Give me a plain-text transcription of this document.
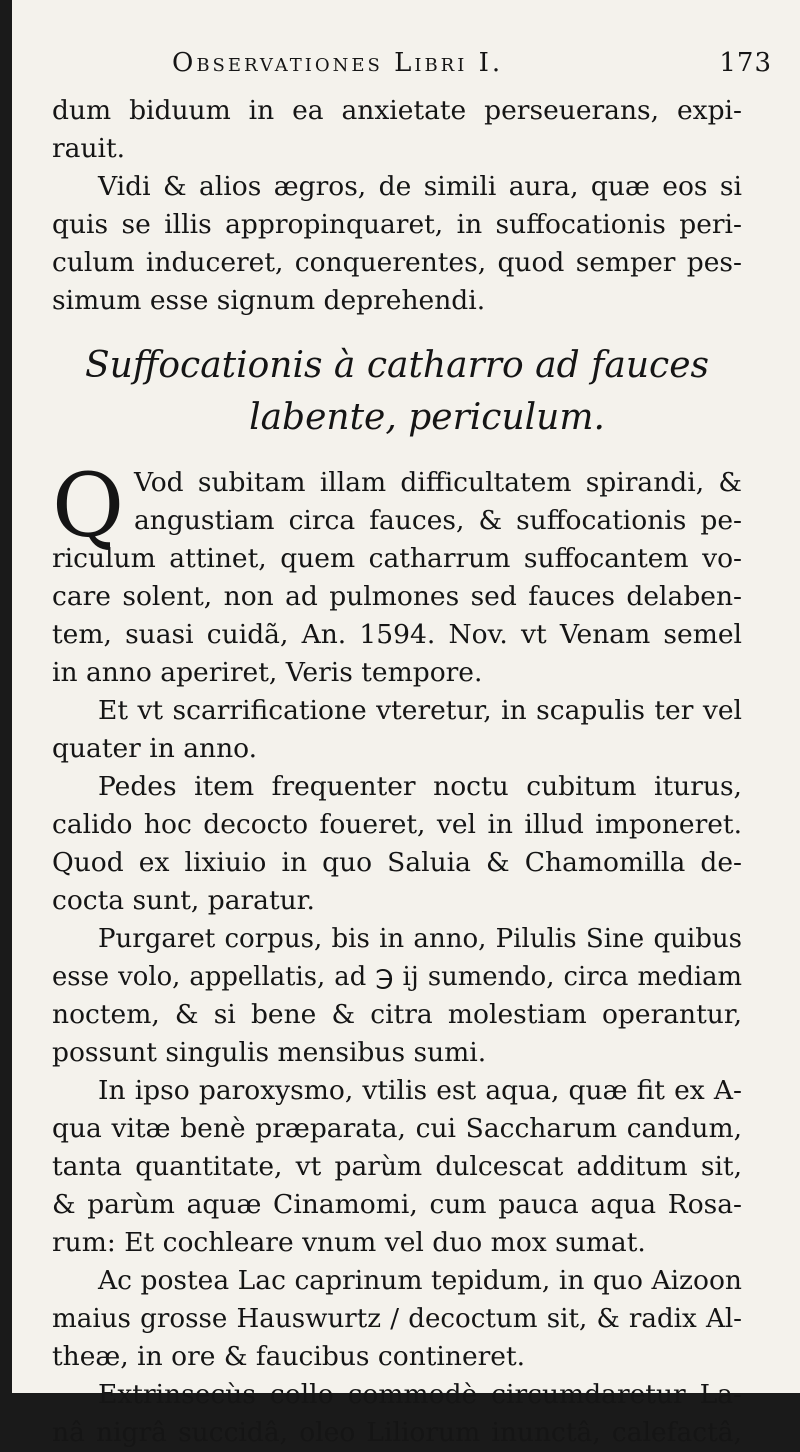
Observationes Libri I.	173
dum biduum in ea anxietate perseuerans, expi-
rauit.
Vidi & alios ægros, de simili aura, quæ eos si
quis se illis appropinquaret, in suffocationis peri-
culum induceret, conquerentes, quod semper pes-
simum esse signum deprehendi.
Suffocationis à catharro ad fauces
labente, periculum.
Q Vod subitam illam difficultatem spirandi, &
angustiam circa fauces, & suffocationis pe-
riculum attinet, quem catharrum suffocantem vo-
care solent, non ad pulmones sed fauces delaben-
tem, suasi cuidã, An. 1594. Nov. vt Venam semel
in anno aperiret, Veris tempore.
Et vt scarrificatione vteretur, in scapulis ter vel
quater in anno.
Pedes item frequenter noctu cubitum iturus,
calido hoc decocto foueret, vel in illud imponeret.
Quod ex lixiuio in quo Saluia & Chamomilla de-
cocta sunt, paratur.
Purgaret corpus, bis in anno, Pilulis Sine quibus
esse volo, appellatis, ad ℈ ij sumendo, circa mediam
noctem, & si bene & citra molestiam operantur,
possunt singulis mensibus sumi.
In ipso paroxysmo, vtilis est aqua, quæ fit ex A-
qua vitæ benè præparata, cui Saccharum candum,
tanta quantitate, vt parùm dulcescat additum sit,
& parùm aquæ Cinamomi, cum pauca aqua Rosa-
rum: Et cochleare vnum vel duo mox sumat.
Ac postea Lac caprinum tepidum, in quo Aizoon
maius grosse Hauswurtz / decoctum sit, & radix Al-
theæ, in ore & faucibus contineret.
Extrinsecùs collo commodè circumdaretur La-
nâ nigrâ succidâ, oleo Liliorum inunctâ, calefactâ,
